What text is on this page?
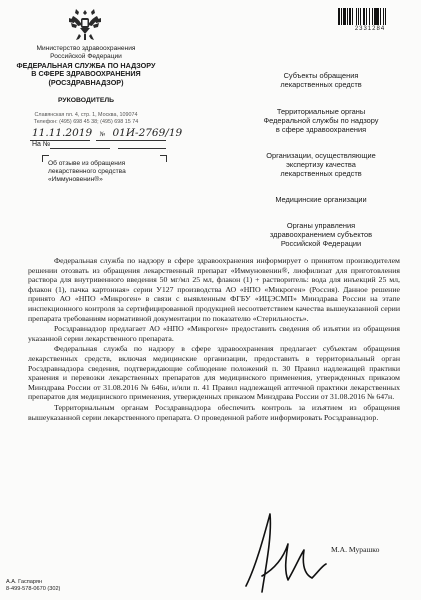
Министерство здравоохранения
Российской Федерации
ФЕДЕРАЛЬНАЯ СЛУЖБА ПО НАДЗОРУ
В СФЕРЕ ЗДРАВООХРАНЕНИЯ
(РОСЗДРАВНАДЗОР)
РУКОВОДИТЕЛЬ
Славянская пл. 4, стр. 1, Москва, 109074
Телефон: (495) 698 45 38; (495) 698 15 74
11.11.2019 № 01И-2769/19
На №
Об отзыве из обращения
лекарственного средства
«Иммуновенин®»
2331284
Субъекты обращения
лекарственных средств
Территориальные органы
Федеральной службы по надзору
в сфере здравоохранения
Организации, осуществляющие
экспертизу качества
лекарственных средств
Медицинские организации
Органы управления
здравоохранением субъектов
Российской Федерации

Федеральная служба по надзору в сфере здравоохранения информирует о принятом производителем решении отозвать из обращения лекарственный препарат «Иммуновенин®, лиофилизат для приготовления раствора для внутривенного введения 50 мг/мл 25 мл, флакон (1) + растворитель: вода для инъекций 25 мл, флакон (1), пачка картонная» серии У127 производства АО «НПО «Микроген» (Россия). Данное решение принято АО «НПО «Микроген» в связи с выявленным ФГБУ «ИЦЭСМП» Минздрава России на этапе инспекционного контроля за сертифицированной продукцией несоответствием качества вышеуказанной серии препарата требованиям нормативной документации по показателю «Стерильность».

Росздравнадзор предлагает АО «НПО «Микроген» предоставить сведения об изъятии из обращения указанной серии лекарственного препарата.

Федеральная служба по надзору в сфере здравоохранения предлагает субъектам обращения лекарственных средств, включая медицинские организации, предоставить в территориальный орган Росздравнадзора сведения, подтверждающие соблюдение положений п. 30 Правил надлежащей практики хранения и перевозки лекарственных препаратов для медицинского применения, утвержденных приказом Минздрава России от 31.08.2016 № 646н, и/или п. 41 Правил надлежащей аптечной практики лекарственных препаратов для медицинского применения, утвержденных приказом Минздрава России от 31.08.2016 № 647н.

Территориальным органам Росздравнадзора обеспечить контроль за изъятием из обращения вышеуказанной серии лекарственного препарата. О проведенной работе информировать Росздравнадзор.

М.А. Мурашко
А.А. Гаспарян
8-499-578-0670 (302)
